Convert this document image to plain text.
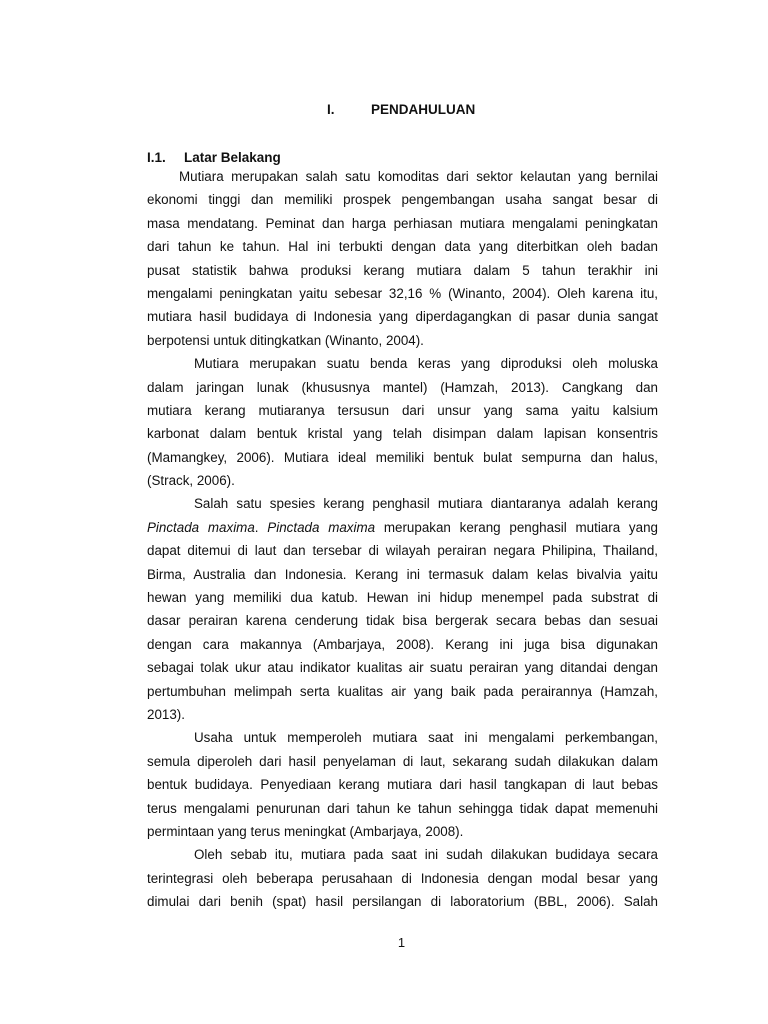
I.	PENDAHULUAN
I.1. Latar Belakang
Mutiara merupakan salah satu komoditas dari sektor kelautan yang bernilai
ekonomi tinggi dan memiliki prospek pengembangan usaha sangat besar di
masa mendatang. Peminat dan harga perhiasan mutiara mengalami peningkatan
dari tahun ke tahun. Hal ini terbukti dengan data yang diterbitkan oleh badan
pusat statistik bahwa produksi kerang mutiara dalam 5 tahun terakhir ini
mengalami peningkatan yaitu sebesar 32,16 % (Winanto, 2004). Oleh karena itu,
mutiara hasil budidaya di Indonesia yang diperdagangkan di pasar dunia sangat
berpotensi untuk ditingkatkan (Winanto, 2004).
Mutiara merupakan suatu benda keras yang diproduksi oleh moluska
dalam jaringan lunak (khususnya mantel) (Hamzah, 2013). Cangkang dan
mutiara kerang mutiaranya tersusun dari unsur yang sama yaitu kalsium
karbonat dalam bentuk kristal yang telah disimpan dalam lapisan konsentris
(Mamangkey, 2006). Mutiara ideal memiliki bentuk bulat sempurna dan halus,
(Strack, 2006).
Salah satu spesies kerang penghasil mutiara diantaranya adalah kerang
Pinctada maxima. Pinctada maxima merupakan kerang penghasil mutiara yang
dapat ditemui di laut dan tersebar di wilayah perairan negara Philipina, Thailand,
Birma, Australia dan Indonesia. Kerang ini termasuk dalam kelas bivalvia yaitu
hewan yang memiliki dua katub. Hewan ini hidup menempel pada substrat di
dasar perairan karena cenderung tidak bisa bergerak secara bebas dan sesuai
dengan cara makannya (Ambarjaya, 2008). Kerang ini juga bisa digunakan
sebagai tolak ukur atau indikator kualitas air suatu perairan yang ditandai dengan
pertumbuhan melimpah serta kualitas air yang baik pada perairannya (Hamzah,
2013).
Usaha untuk memperoleh mutiara saat ini mengalami perkembangan,
semula diperoleh dari hasil penyelaman di laut, sekarang sudah dilakukan dalam
bentuk budidaya. Penyediaan kerang mutiara dari hasil tangkapan di laut bebas
terus mengalami penurunan dari tahun ke tahun sehingga tidak dapat memenuhi
permintaan yang terus meningkat (Ambarjaya, 2008).
Oleh sebab itu, mutiara pada saat ini sudah dilakukan budidaya secara
terintegrasi oleh beberapa perusahaan di Indonesia dengan modal besar yang
dimulai dari benih (spat) hasil persilangan di laboratorium (BBL, 2006). Salah
1
